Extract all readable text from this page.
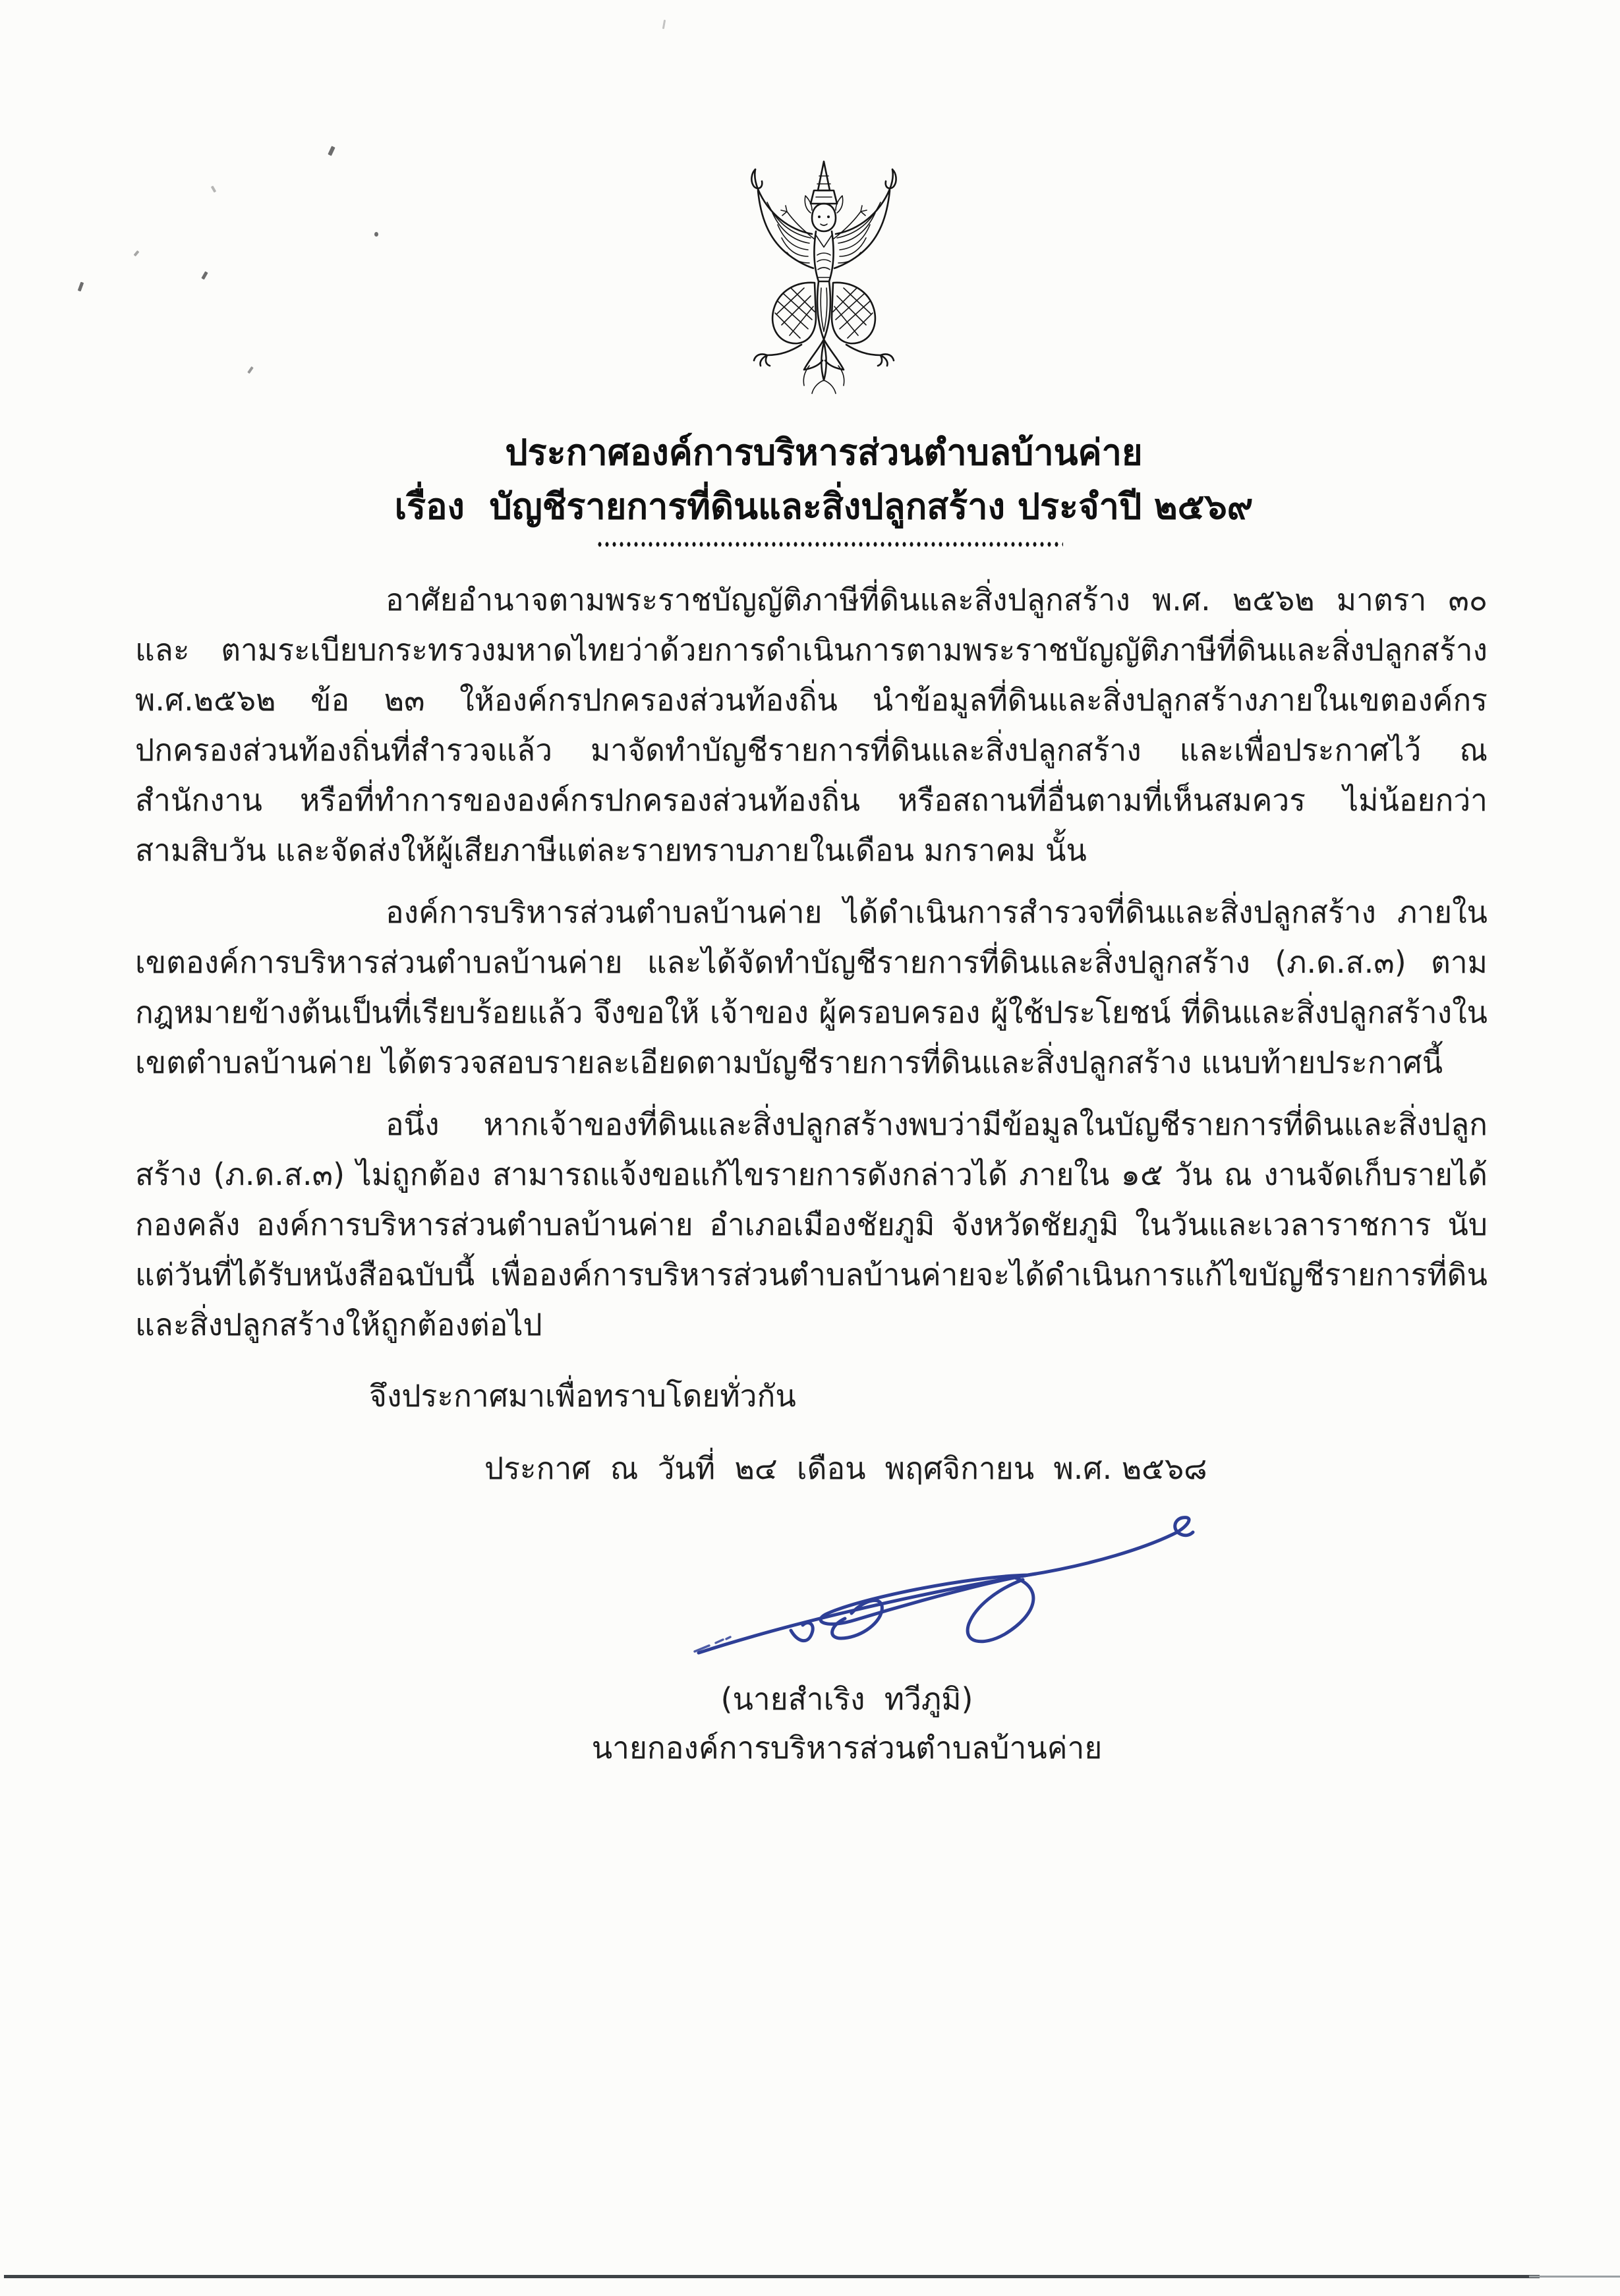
ประกาศองค์การบริหารส่วนตำบลบ้านค่าย
เรื่อง  บัญชีรายการที่ดินและสิ่งปลูกสร้าง ประจำปี ๒๕๖๙

อาศัยอำนาจตามพระราชบัญญัติภาษีที่ดินและสิ่งปลูกสร้าง พ.ศ. ๒๕๖๒ มาตรา ๓๐ และ ตามระเบียบกระทรวงมหาดไทยว่าด้วยการดำเนินการตามพระราชบัญญัติภาษีที่ดินและสิ่งปลูกสร้าง พ.ศ.๒๕๖๒ ข้อ ๒๓ ให้องค์กรปกครองส่วนท้องถิ่น นำข้อมูลที่ดินและสิ่งปลูกสร้างภายในเขตองค์กรปกครองส่วนท้องถิ่นที่สำรวจแล้ว มาจัดทำบัญชีรายการที่ดินและสิ่งปลูกสร้าง และเพื่อประกาศไว้ ณ สำนักงาน หรือที่ทำการขององค์กรปกครองส่วนท้องถิ่น หรือสถานที่อื่นตามที่เห็นสมควร ไม่น้อยกว่าสามสิบวัน และจัดส่งให้ผู้เสียภาษีแต่ละรายทราบภายในเดือน มกราคม นั้น

องค์การบริหารส่วนตำบลบ้านค่าย ได้ดำเนินการสำรวจที่ดินและสิ่งปลูกสร้าง ภายในเขตองค์การบริหารส่วนตำบลบ้านค่าย และได้จัดทำบัญชีรายการที่ดินและสิ่งปลูกสร้าง (ภ.ด.ส.๓) ตามกฎหมายข้างต้นเป็นที่เรียบร้อยแล้ว จึงขอให้ เจ้าของ ผู้ครอบครอง ผู้ใช้ประโยชน์ ที่ดินและสิ่งปลูกสร้างในเขตตำบลบ้านค่าย ได้ตรวจสอบรายละเอียดตามบัญชีรายการที่ดินและสิ่งปลูกสร้าง แนบท้ายประกาศนี้

อนึ่ง หากเจ้าของที่ดินและสิ่งปลูกสร้างพบว่ามีข้อมูลในบัญชีรายการที่ดินและสิ่งปลูกสร้าง (ภ.ด.ส.๓) ไม่ถูกต้อง สามารถแจ้งขอแก้ไขรายการดังกล่าวได้ ภายใน ๑๕ วัน ณ งานจัดเก็บรายได้ กองคลัง องค์การบริหารส่วนตำบลบ้านค่าย อำเภอเมืองชัยภูมิ จังหวัดชัยภูมิ ในวันและเวลาราชการ นับแต่วันที่ได้รับหนังสือฉบับนี้ เพื่อองค์การบริหารส่วนตำบลบ้านค่ายจะได้ดำเนินการแก้ไขบัญชีรายการที่ดินและสิ่งปลูกสร้างให้ถูกต้องต่อไป

จึงประกาศมาเพื่อทราบโดยทั่วกัน
ประกาศ  ณ  วันที่  ๒๔  เดือน  พฤศจิกายน  พ.ศ. ๒๕๖๘
(นายสำเริง  ทวีภูมิ)
นายกองค์การบริหารส่วนตำบลบ้านค่าย
